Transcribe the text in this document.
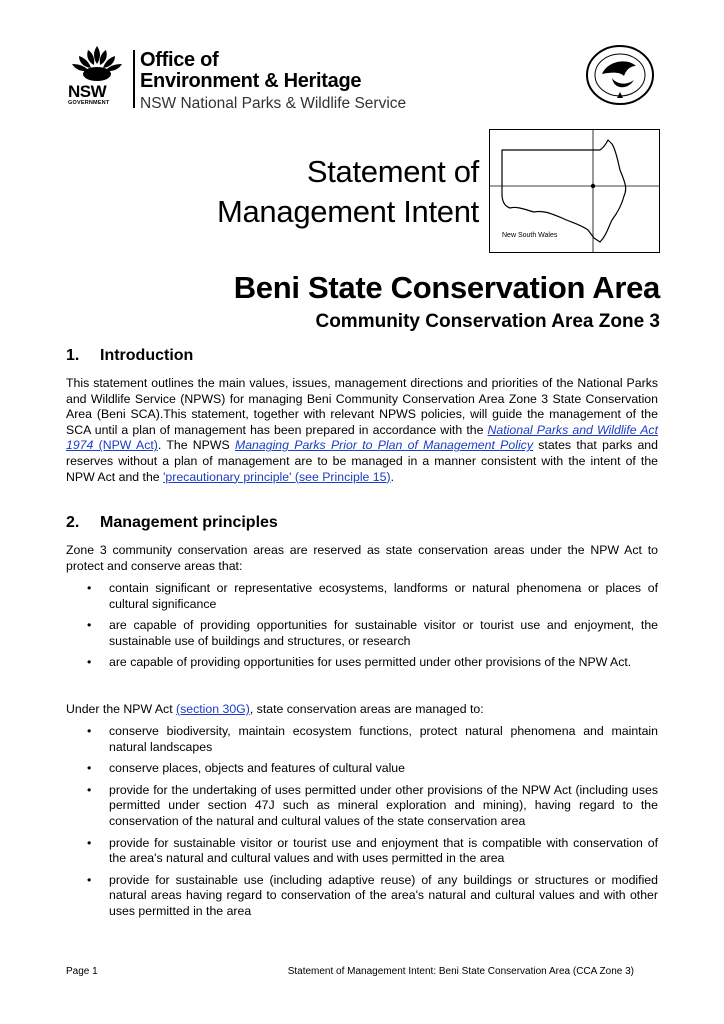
NSW
GOVERNMENT
Office of
Environment & Heritage
NSW National Parks & Wildlife Service
Statement of
Management Intent
New South Wales
Beni State Conservation Area
Community Conservation Area Zone 3
1. Introduction
This statement outlines the main values, issues, management directions and priorities of the National Parks and Wildlife Service (NPWS) for managing Beni Community Conservation Area Zone 3 State Conservation Area (Beni SCA).This statement, together with relevant NPWS policies, will guide the management of the SCA until a plan of management has been prepared in accordance with the National Parks and Wildlife Act 1974 (NPW Act). The NPWS Managing Parks Prior to Plan of Management Policy states that parks and reserves without a plan of management are to be managed in a manner consistent with the intent of the NPW Act and the 'precautionary principle' (see Principle 15).
2. Management principles
Zone 3 community conservation areas are reserved as state conservation areas under the NPW Act to protect and conserve areas that:
• contain significant or representative ecosystems, landforms or natural phenomena or places of cultural significance
• are capable of providing opportunities for sustainable visitor or tourist use and enjoyment, the sustainable use of buildings and structures, or research
• are capable of providing opportunities for uses permitted under other provisions of the NPW Act.
Under the NPW Act (section 30G), state conservation areas are managed to:
• conserve biodiversity, maintain ecosystem functions, protect natural phenomena and maintain natural landscapes
• conserve places, objects and features of cultural value
• provide for the undertaking of uses permitted under other provisions of the NPW Act (including uses permitted under section 47J such as mineral exploration and mining), having regard to the conservation of the natural and cultural values of the state conservation area
• provide for sustainable visitor or tourist use and enjoyment that is compatible with conservation of the area's natural and cultural values and with uses permitted in the area
• provide for sustainable use (including adaptive reuse) of any buildings or structures or modified natural areas having regard to conservation of the area's natural and cultural values and with other uses permitted in the area
Page 1	Statement of Management Intent: Beni State Conservation Area (CCA Zone 3)
